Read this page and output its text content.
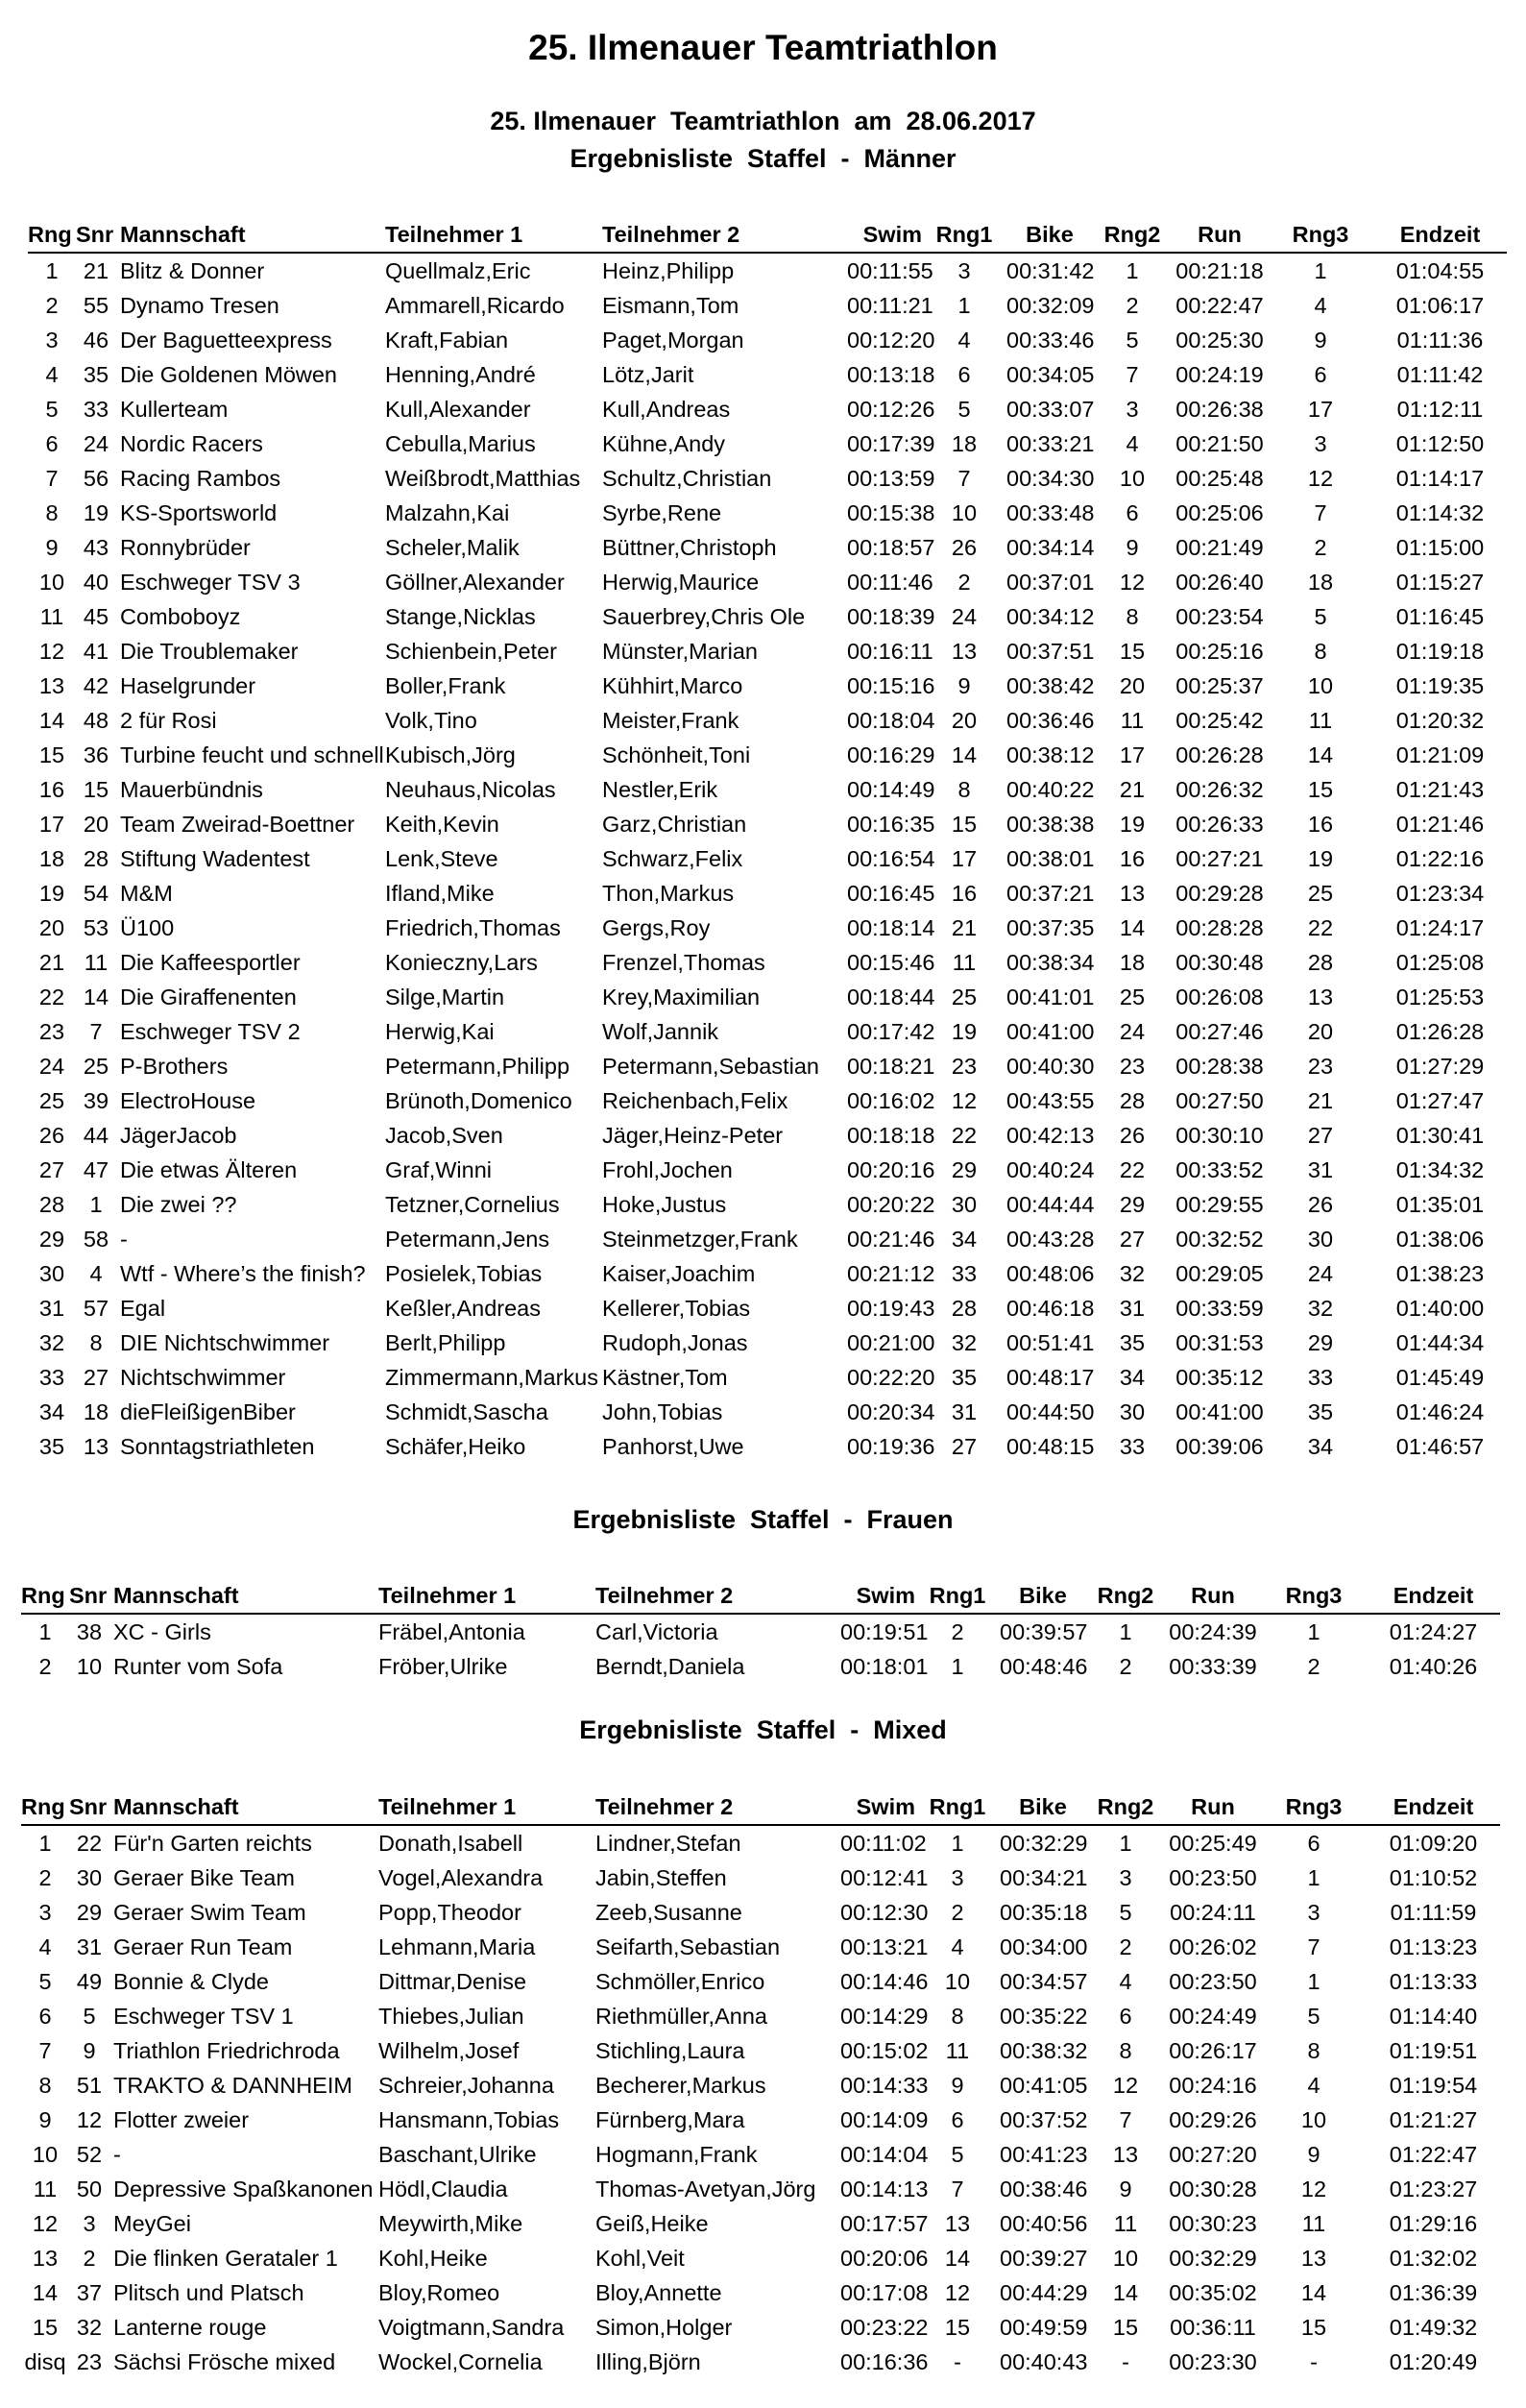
25. Ilmenauer Teamtriathlon
25. Ilmenauer  Teamtriathlon  am  28.06.2017
Ergebnisliste  Staffel  -  Männer
Rng	Snr	Mannschaft	Teilnehmer 1	Teilnehmer 2	Swim	Rng1	Bike	Rng2	Run	Rng3	Endzeit
1	21	Blitz & Donner	Quellmalz,Eric	Heinz,Philipp	00:11:55	3	00:31:42	1	00:21:18	1	01:04:55
2	55	Dynamo Tresen	Ammarell,Ricardo	Eismann,Tom	00:11:21	1	00:32:09	2	00:22:47	4	01:06:17
3	46	Der Baguetteexpress	Kraft,Fabian	Paget,Morgan	00:12:20	4	00:33:46	5	00:25:30	9	01:11:36
4	35	Die Goldenen Möwen	Henning,André	Lötz,Jarit	00:13:18	6	00:34:05	7	00:24:19	6	01:11:42
5	33	Kullerteam	Kull,Alexander	Kull,Andreas	00:12:26	5	00:33:07	3	00:26:38	17	01:12:11
6	24	Nordic Racers	Cebulla,Marius	Kühne,Andy	00:17:39	18	00:33:21	4	00:21:50	3	01:12:50
7	56	Racing Rambos	Weißbrodt,Matthias	Schultz,Christian	00:13:59	7	00:34:30	10	00:25:48	12	01:14:17
8	19	KS-Sportsworld	Malzahn,Kai	Syrbe,Rene	00:15:38	10	00:33:48	6	00:25:06	7	01:14:32
9	43	Ronnybrüder	Scheler,Malik	Büttner,Christoph	00:18:57	26	00:34:14	9	00:21:49	2	01:15:00
10	40	Eschweger TSV 3	Göllner,Alexander	Herwig,Maurice	00:11:46	2	00:37:01	12	00:26:40	18	01:15:27
11	45	Comboboyz	Stange,Nicklas	Sauerbrey,Chris Ole	00:18:39	24	00:34:12	8	00:23:54	5	01:16:45
12	41	Die Troublemaker	Schienbein,Peter	Münster,Marian	00:16:11	13	00:37:51	15	00:25:16	8	01:19:18
13	42	Haselgrunder	Boller,Frank	Kühhirt,Marco	00:15:16	9	00:38:42	20	00:25:37	10	01:19:35
14	48	2 für Rosi	Volk,Tino	Meister,Frank	00:18:04	20	00:36:46	11	00:25:42	11	01:20:32
15	36	Turbine feucht und schnell	Kubisch,Jörg	Schönheit,Toni	00:16:29	14	00:38:12	17	00:26:28	14	01:21:09
16	15	Mauerbündnis	Neuhaus,Nicolas	Nestler,Erik	00:14:49	8	00:40:22	21	00:26:32	15	01:21:43
17	20	Team Zweirad-Boettner	Keith,Kevin	Garz,Christian	00:16:35	15	00:38:38	19	00:26:33	16	01:21:46
18	28	Stiftung Wadentest	Lenk,Steve	Schwarz,Felix	00:16:54	17	00:38:01	16	00:27:21	19	01:22:16
19	54	M&M	Ifland,Mike	Thon,Markus	00:16:45	16	00:37:21	13	00:29:28	25	01:23:34
20	53	Ü100	Friedrich,Thomas	Gergs,Roy	00:18:14	21	00:37:35	14	00:28:28	22	01:24:17
21	11	Die Kaffeesportler	Konieczny,Lars	Frenzel,Thomas	00:15:46	11	00:38:34	18	00:30:48	28	01:25:08
22	14	Die Giraffenenten	Silge,Martin	Krey,Maximilian	00:18:44	25	00:41:01	25	00:26:08	13	01:25:53
23	7	Eschweger TSV 2	Herwig,Kai	Wolf,Jannik	00:17:42	19	00:41:00	24	00:27:46	20	01:26:28
24	25	P-Brothers	Petermann,Philipp	Petermann,Sebastian	00:18:21	23	00:40:30	23	00:28:38	23	01:27:29
25	39	ElectroHouse	Brünoth,Domenico	Reichenbach,Felix	00:16:02	12	00:43:55	28	00:27:50	21	01:27:47
26	44	JägerJacob	Jacob,Sven	Jäger,Heinz-Peter	00:18:18	22	00:42:13	26	00:30:10	27	01:30:41
27	47	Die etwas Älteren	Graf,Winni	Frohl,Jochen	00:20:16	29	00:40:24	22	00:33:52	31	01:34:32
28	1	Die zwei ??	Tetzner,Cornelius	Hoke,Justus	00:20:22	30	00:44:44	29	00:29:55	26	01:35:01
29	58	-	Petermann,Jens	Steinmetzger,Frank	00:21:46	34	00:43:28	27	00:32:52	30	01:38:06
30	4	Wtf - Where’s the finish?	Posielek,Tobias	Kaiser,Joachim	00:21:12	33	00:48:06	32	00:29:05	24	01:38:23
31	57	Egal	Keßler,Andreas	Kellerer,Tobias	00:19:43	28	00:46:18	31	00:33:59	32	01:40:00
32	8	DIE Nichtschwimmer	Berlt,Philipp	Rudoph,Jonas	00:21:00	32	00:51:41	35	00:31:53	29	01:44:34
33	27	Nichtschwimmer	Zimmermann,Markus	Kästner,Tom	00:22:20	35	00:48:17	34	00:35:12	33	01:45:49
34	18	dieFleißigenBiber	Schmidt,Sascha	John,Tobias	00:20:34	31	00:44:50	30	00:41:00	35	01:46:24
35	13	Sonntagstriathleten	Schäfer,Heiko	Panhorst,Uwe	00:19:36	27	00:48:15	33	00:39:06	34	01:46:57
Ergebnisliste  Staffel  -  Frauen
Rng	Snr	Mannschaft	Teilnehmer 1	Teilnehmer 2	Swim	Rng1	Bike	Rng2	Run	Rng3	Endzeit
1	38	XC - Girls	Fräbel,Antonia	Carl,Victoria	00:19:51	2	00:39:57	1	00:24:39	1	01:24:27
2	10	Runter vom Sofa	Fröber,Ulrike	Berndt,Daniela	00:18:01	1	00:48:46	2	00:33:39	2	01:40:26
Ergebnisliste  Staffel  -  Mixed
Rng	Snr	Mannschaft	Teilnehmer 1	Teilnehmer 2	Swim	Rng1	Bike	Rng2	Run	Rng3	Endzeit
1	22	Für'n Garten reichts	Donath,Isabell	Lindner,Stefan	00:11:02	1	00:32:29	1	00:25:49	6	01:09:20
2	30	Geraer Bike Team	Vogel,Alexandra	Jabin,Steffen	00:12:41	3	00:34:21	3	00:23:50	1	01:10:52
3	29	Geraer Swim Team	Popp,Theodor	Zeeb,Susanne	00:12:30	2	00:35:18	5	00:24:11	3	01:11:59
4	31	Geraer Run Team	Lehmann,Maria	Seifarth,Sebastian	00:13:21	4	00:34:00	2	00:26:02	7	01:13:23
5	49	Bonnie & Clyde	Dittmar,Denise	Schmöller,Enrico	00:14:46	10	00:34:57	4	00:23:50	1	01:13:33
6	5	Eschweger TSV 1	Thiebes,Julian	Riethmüller,Anna	00:14:29	8	00:35:22	6	00:24:49	5	01:14:40
7	9	Triathlon Friedrichroda	Wilhelm,Josef	Stichling,Laura	00:15:02	11	00:38:32	8	00:26:17	8	01:19:51
8	51	TRAKTO & DANNHEIM	Schreier,Johanna	Becherer,Markus	00:14:33	9	00:41:05	12	00:24:16	4	01:19:54
9	12	Flotter zweier	Hansmann,Tobias	Fürnberg,Mara	00:14:09	6	00:37:52	7	00:29:26	10	01:21:27
10	52	-	Baschant,Ulrike	Hogmann,Frank	00:14:04	5	00:41:23	13	00:27:20	9	01:22:47
11	50	Depressive Spaßkanonen	Hödl,Claudia	Thomas-Avetyan,Jörg	00:14:13	7	00:38:46	9	00:30:28	12	01:23:27
12	3	MeyGei	Meywirth,Mike	Geiß,Heike	00:17:57	13	00:40:56	11	00:30:23	11	01:29:16
13	2	Die flinken Gerataler 1	Kohl,Heike	Kohl,Veit	00:20:06	14	00:39:27	10	00:32:29	13	01:32:02
14	37	Plitsch und Platsch	Bloy,Romeo	Bloy,Annette	00:17:08	12	00:44:29	14	00:35:02	14	01:36:39
15	32	Lanterne rouge	Voigtmann,Sandra	Simon,Holger	00:23:22	15	00:49:59	15	00:36:11	15	01:49:32
disq	23	Sächsi Frösche mixed	Wockel,Cornelia	Illing,Björn	00:16:36	-	00:40:43	-	00:23:30	-	01:20:49
